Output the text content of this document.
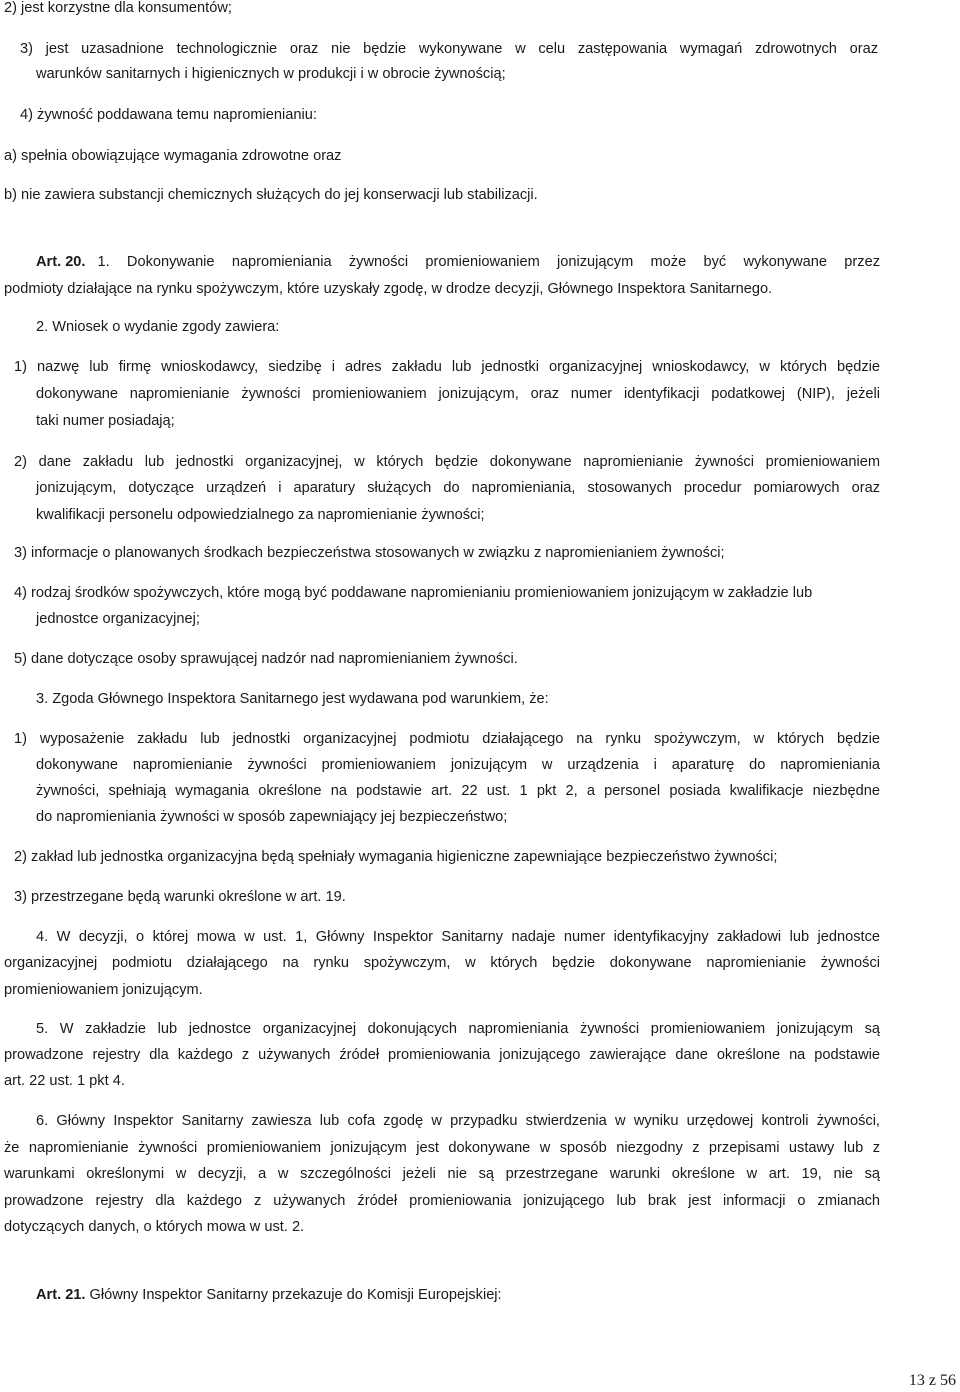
2) jest korzystne dla konsumentów;
3) jest uzasadnione technologicznie oraz nie będzie wykonywane w celu zastępowania wymagań zdrowotnych oraz
warunków sanitarnych i higienicznych w produkcji i w obrocie żywnością;
4) żywność poddawana temu napromienianiu:
a) spełnia obowiązujące wymagania zdrowotne oraz
b) nie zawiera substancji chemicznych służących do jej konserwacji lub stabilizacji.
Art. 20. 1. Dokonywanie napromieniania żywności promieniowaniem jonizującym może być wykonywane przez
podmioty działające na rynku spożywczym, które uzyskały zgodę, w drodze decyzji, Głównego Inspektora Sanitarnego.
2. Wniosek o wydanie zgody zawiera:
1) nazwę lub firmę wnioskodawcy, siedzibę i adres zakładu lub jednostki organizacyjnej wnioskodawcy, w których będzie
dokonywane napromienianie żywności promieniowaniem jonizującym, oraz numer identyfikacji podatkowej (NIP), jeżeli
taki numer posiadają;
2) dane zakładu lub jednostki organizacyjnej, w których będzie dokonywane napromienianie żywności promieniowaniem
jonizującym, dotyczące urządzeń i aparatury służących do napromieniania, stosowanych procedur pomiarowych oraz
kwalifikacji personelu odpowiedzialnego za napromienianie żywności;
3) informacje o planowanych środkach bezpieczeństwa stosowanych w związku z napromienianiem żywności;
4) rodzaj środków spożywczych, które mogą być poddawane napromienianiu promieniowaniem jonizującym w zakładzie lub
jednostce organizacyjnej;
5) dane dotyczące osoby sprawującej nadzór nad napromienianiem żywności.
3. Zgoda Głównego Inspektora Sanitarnego jest wydawana pod warunkiem, że:
1) wyposażenie zakładu lub jednostki organizacyjnej podmiotu działającego na rynku spożywczym, w których będzie
dokonywane napromienianie żywności promieniowaniem jonizującym w urządzenia i aparaturę do napromieniania
żywności, spełniają wymagania określone na podstawie art. 22 ust. 1 pkt 2, a personel posiada kwalifikacje niezbędne
do napromieniania żywności w sposób zapewniający jej bezpieczeństwo;
2) zakład lub jednostka organizacyjna będą spełniały wymagania higieniczne zapewniające bezpieczeństwo żywności;
3) przestrzegane będą warunki określone w art. 19.
4. W decyzji, o której mowa w ust. 1, Główny Inspektor Sanitarny nadaje numer identyfikacyjny zakładowi lub jednostce
organizacyjnej podmiotu działającego na rynku spożywczym, w których będzie dokonywane napromienianie żywności
promieniowaniem jonizującym.
5. W zakładzie lub jednostce organizacyjnej dokonujących napromieniania żywności promieniowaniem jonizującym są
prowadzone rejestry dla każdego z używanych źródeł promieniowania jonizującego zawierające dane określone na podstawie
art. 22 ust. 1 pkt 4.
6. Główny Inspektor Sanitarny zawiesza lub cofa zgodę w przypadku stwierdzenia w wyniku urzędowej kontroli żywności,
że napromienianie żywności promieniowaniem jonizującym jest dokonywane w sposób niezgodny z przepisami ustawy lub z
warunkami określonymi w decyzji, a w szczególności jeżeli nie są przestrzegane warunki określone w art. 19, nie są
prowadzone rejestry dla każdego z używanych źródeł promieniowania jonizującego lub brak jest informacji o zmianach
dotyczących danych, o których mowa w ust. 2.
Art. 21. Główny Inspektor Sanitarny przekazuje do Komisji Europejskiej:
13 z 56
